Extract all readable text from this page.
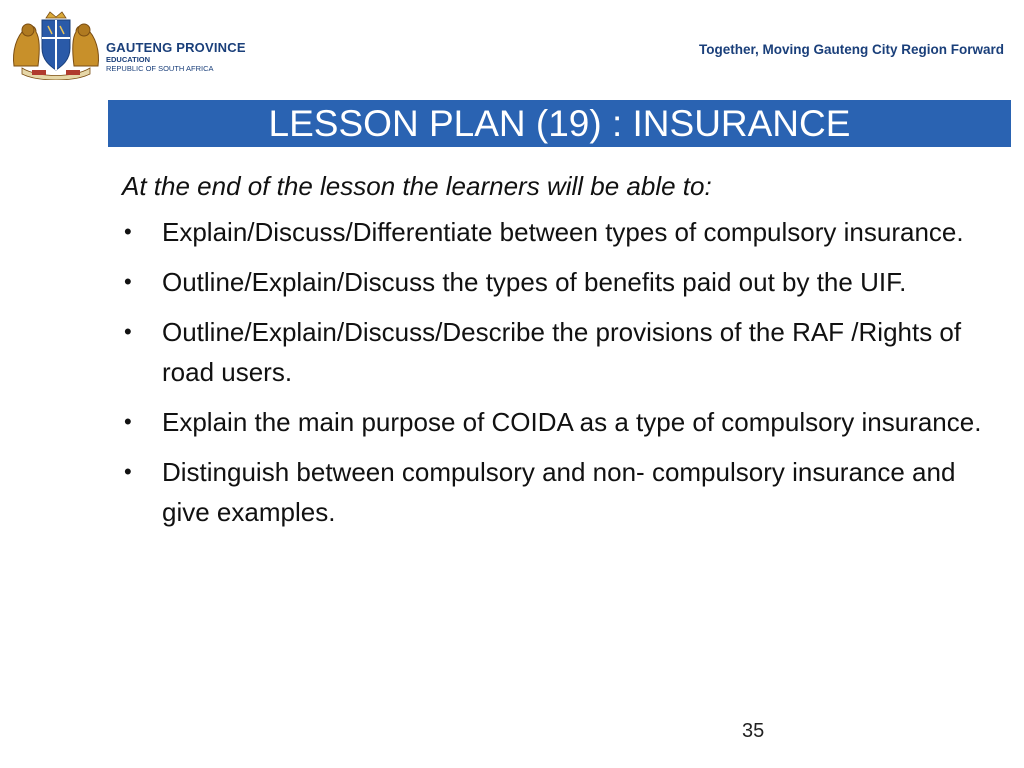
GAUTENG PROVINCE
EDUCATION
REPUBLIC OF SOUTH AFRICA
Together, Moving Gauteng City Region Forward
LESSON PLAN (19) : INSURANCE

At the end of the lesson the learners will be able to:

• Explain/Discuss/Differentiate between types of compulsory insurance.
• Outline/Explain/Discuss the types of benefits paid out by the UIF.
• Outline/Explain/Discuss/Describe the provisions of the RAF /Rights of road users.
• Explain the main purpose of COIDA as a type of compulsory insurance.
• Distinguish between compulsory and non- compulsory insurance and give examples.
35
